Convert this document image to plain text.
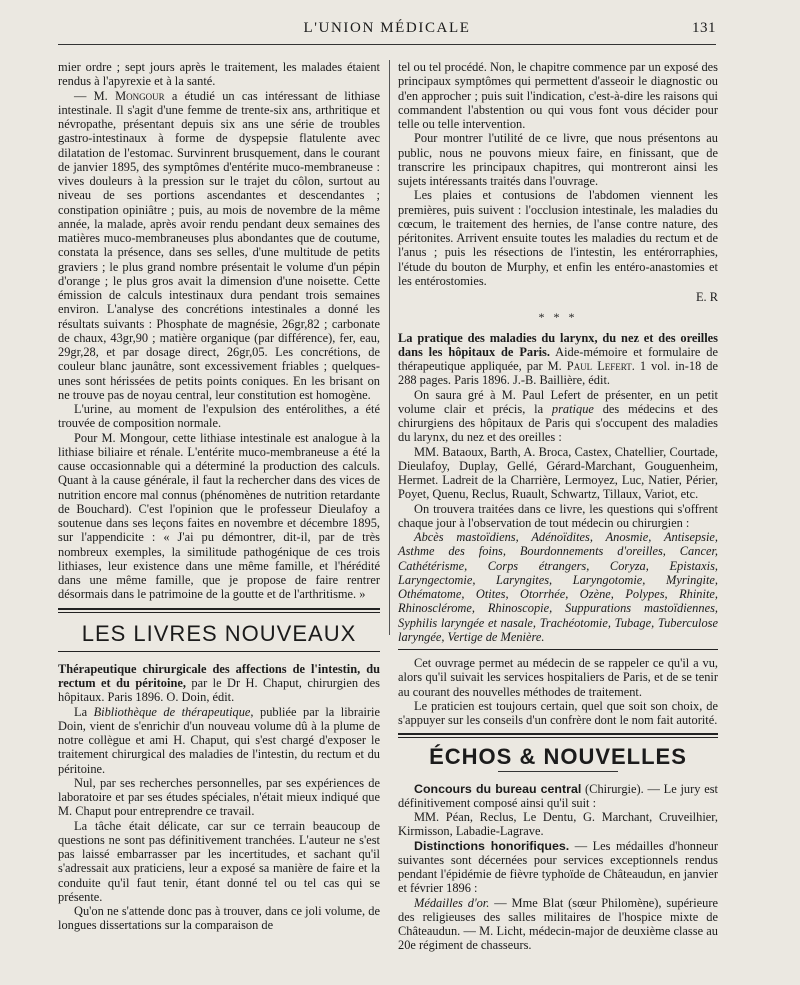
L'UNION MÉDICALE	131

mier ordre ; sept jours après le traitement, les malades étaient rendus à l'apyrexie et à la santé.

— M. Mongour a étudié un cas intéressant de lithiase intestinale. Il s'agit d'une femme de trente-six ans, arthritique et névropathe, présentant depuis six ans une série de troubles gastro-intestinaux à forme de dyspepsie flatulente avec dilatation de l'estomac. Survinrent brusquement, dans le courant de janvier 1895, des symptômes d'entérite muco-membraneuse : vives douleurs à la pression sur le trajet du côlon, surtout au niveau de ses portions ascendantes et descendantes ; constipation opiniâtre ; puis, au mois de novembre de la même année, la malade, après avoir rendu pendant deux semaines des matières muco-membraneuses plus abondantes que de coutume, constata la présence, dans ses selles, d'une multitude de petits graviers ; le plus grand nombre présentait le volume d'un pépin d'orange ; le plus gros avait la dimension d'une noisette. Cette émission de calculs intestinaux dura pendant trois semaines environ. L'analyse des concrétions intestinales a donné les résultats suivants : Phosphate de magnésie, 26gr,82 ; carbonate de chaux, 43gr,90 ; matière organique (par différence), fer, eau, 29gr,28, et par dosage direct, 26gr,05. Les concrétions, de couleur blanc jaunâtre, sont excessivement friables ; quelques-unes sont hérissées de petits points coniques. En les brisant on ne trouve pas de noyau central, leur constitution est homogène.

L'urine, au moment de l'expulsion des entérolithes, a été trouvée de composition normale.

Pour M. Mongour, cette lithiase intestinale est analogue à la lithiase biliaire et rénale. L'entérite muco-membraneuse a été la cause occasionnable qui a déterminé la production des calculs. Quant à la cause générale, il faut la rechercher dans des vices de nutrition encore mal connus (phénomènes de nutrition retardante de Bouchard). C'est l'opinion que le professeur Dieulafoy a soutenue dans ses leçons faites en novembre et décembre 1895, sur l'appendicite : « J'ai pu démontrer, dit-il, par de très nombreux exemples, la similitude pathogénique de ces trois lithiases, leur existence dans une même famille, et l'hérédité dans une même famille, que je propose de faire rentrer désormais dans le patrimoine de la goutte et de l'arthritisme. »

LES LIVRES NOUVEAUX

Thérapeutique chirurgicale des affections de l'intestin, du rectum et du péritoine, par le Dr H. Chaput, chirurgien des hôpitaux. Paris 1896. O. Doin, édit.

La Bibliothèque de thérapeutique, publiée par la librairie Doin, vient de s'enrichir d'un nouveau volume dû à la plume de notre collègue et ami H. Chaput, qui s'est chargé d'exposer le traitement chirurgical des maladies de l'intestin, du rectum et du péritoine.

Nul, par ses recherches personnelles, par ses expériences de laboratoire et par ses études spéciales, n'était mieux indiqué que M. Chaput pour entreprendre ce travail.

La tâche était délicate, car sur ce terrain beaucoup de questions ne sont pas définitivement tranchées. L'auteur ne s'est pas laissé embarrasser par les incertitudes, et sachant qu'il s'adressait aux praticiens, leur a exposé sa manière de faire et la conduite qu'il faut tenir, étant donné tel ou tel cas qui se présente.

Qu'on ne s'attende donc pas à trouver, dans ce joli volume, de longues dissertations sur la comparaison de

tel ou tel procédé. Non, le chapitre commence par un exposé des principaux symptômes qui permettent d'asseoir le diagnostic ou d'en approcher ; puis suit l'indication, c'est-à-dire les raisons qui commandent l'abstention ou qui vous font vous décider pour telle ou telle intervention.

Pour montrer l'utilité de ce livre, que nous présentons au public, nous ne pouvons mieux faire, en finissant, que de transcrire les principaux chapitres, qui montreront ainsi les sujets intéressants traités dans l'ouvrage.

Les plaies et contusions de l'abdomen viennent les premières, puis suivent : l'occlusion intestinale, les maladies du cœcum, le traitement des hernies, de l'anse contre nature, des péritonites. Arrivent ensuite toutes les maladies du rectum et de l'anus ; puis les résections de l'intestin, les entérorraphies, l'étude du bouton de Murphy, et enfin les entéro-anastomies et les entérostomies.

E. R
* * *

La pratique des maladies du larynx, du nez et des oreilles dans les hôpitaux de Paris. Aide-mémoire et formulaire de thérapeutique appliquée, par M. Paul Lefert. 1 vol. in-18 de 288 pages. Paris 1896. J.-B. Baillière, édit.

On saura gré à M. Paul Lefert de présenter, en un petit volume clair et précis, la pratique des médecins et des chirurgiens des hôpitaux de Paris qui s'occupent des maladies du larynx, du nez et des oreilles :

MM. Bataoux, Barth, A. Broca, Castex, Chatellier, Courtade, Dieulafoy, Duplay, Gellé, Gérard-Marchant, Gouguenheim, Hermet. Ladreit de la Charrière, Lermoyez, Luc, Natier, Périer, Poyet, Quenu, Reclus, Ruault, Schwartz, Tillaux, Variot, etc.

On trouvera traitées dans ce livre, les questions qui s'offrent chaque jour à l'observation de tout médecin ou chirurgien :

Abcès mastoïdiens, Adénoïdites, Anosmie, Antisepsie, Asthme des foins, Bourdonnements d'oreilles, Cancer, Cathétérisme, Corps étrangers, Coryza, Epistaxis, Laryngectomie, Laryngites, Laryngotomie, Myringite, Othématome, Otites, Otorrhée, Ozène, Polypes, Rhinite, Rhinosclérome, Rhinoscopie, Suppurations mastoïdiennes, Syphilis laryngée et nasale, Trachéotomie, Tubage, Tuberculose laryngée, Vertige de Menière.

Cet ouvrage permet au médecin de se rappeler ce qu'il a vu, alors qu'il suivait les services hospitaliers de Paris, et de se tenir au courant des nouvelles méthodes de traitement.

Le praticien est toujours certain, quel que soit son choix, de s'appuyer sur les conseils d'un confrère dont le nom fait autorité.

ÉCHOS & NOUVELLES

Concours du bureau central (Chirurgie). — Le jury est définitivement composé ainsi qu'il suit :

MM. Péan, Reclus, Le Dentu, G. Marchant, Cruveilhier, Kirmisson, Labadie-Lagrave.

Distinctions honorifiques. — Les médailles d'honneur suivantes sont décernées pour services exceptionnels rendus pendant l'épidémie de fièvre typhoïde de Châteaudun, en janvier et février 1896 :

Médailles d'or. — Mme Blat (sœur Philomène), supérieure des religieuses des salles militaires de l'hospice mixte de Châteaudun. — M. Licht, médecin-major de deuxième classe au 20e régiment de chasseurs.
